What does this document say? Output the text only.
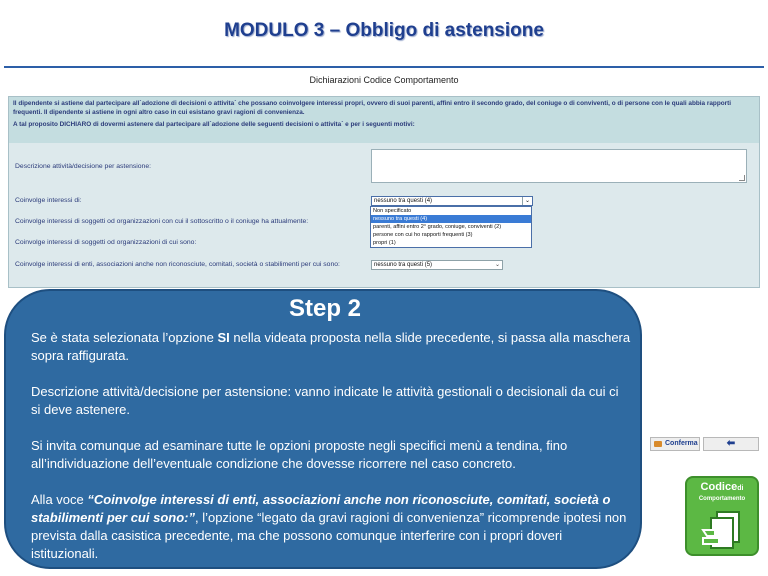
MODULO 3 – Obbligo di astensione
Dichiarazioni Codice Comportamento

Il dipendente si astiene dal partecipare all`adozione di decisioni o attivita` che possano coinvolgere interessi propri, ovvero di suoi parenti, affini entro il secondo grado, del coniuge o di conviventi, o di persone con le quali abbia rapporti frequenti. Il dipendente si astiene in ogni altro caso in cui esistano gravi ragioni di convenienza.

A tal proposito DICHIARO di dovermi astenere dal partecipare all`adozione delle seguenti decisioni o attivita` e per i seguenti motivi:

Descrizione attività/decisione per astensione:
Coinvolge interessi di:	nessuno tra questi (4)	⌄
Coinvolge interessi di soggetti od organizzazioni con cui il sottoscritto o il coniuge ha attualmente:
Coinvolge interessi di soggetti od organizzazioni di cui sono:
Coinvolge interessi di enti, associazioni anche non riconosciute, comitati, società o stabilimenti per cui sono:	nessuno tra questi (5)	⌄
Non specificato
nessuno tra questi (4)
parenti, affini entro 2° grado, coniuge, conviventi (2)
persone con cui ho rapporti frequenti (3)
propri (1)
Conferma	⬅
Step 2

Se è stata selezionata l’opzione SI nella videata proposta nella slide precedente, si passa alla maschera sopra raffigurata.

Descrizione attività/decisione per astensione: vanno indicate le attività gestionali o decisionali da cui ci si deve astenere.

Si invita comunque ad esaminare tutte le opzioni proposte negli specifici menù a tendina, fino all’individuazione dell’eventuale condizione che dovesse ricorrere nel caso concreto.

Alla voce “Coinvolge interessi di enti, associazioni anche non riconosciute, comitati, società o stabilimenti per cui sono:”, l’opzione “legato da gravi ragioni di convenienza” ricomprende ipotesi non prevista dalla casistica precedente, ma che possono comunque interferire con i propri doveri istituzionali.

Codicedi
Comportamento
